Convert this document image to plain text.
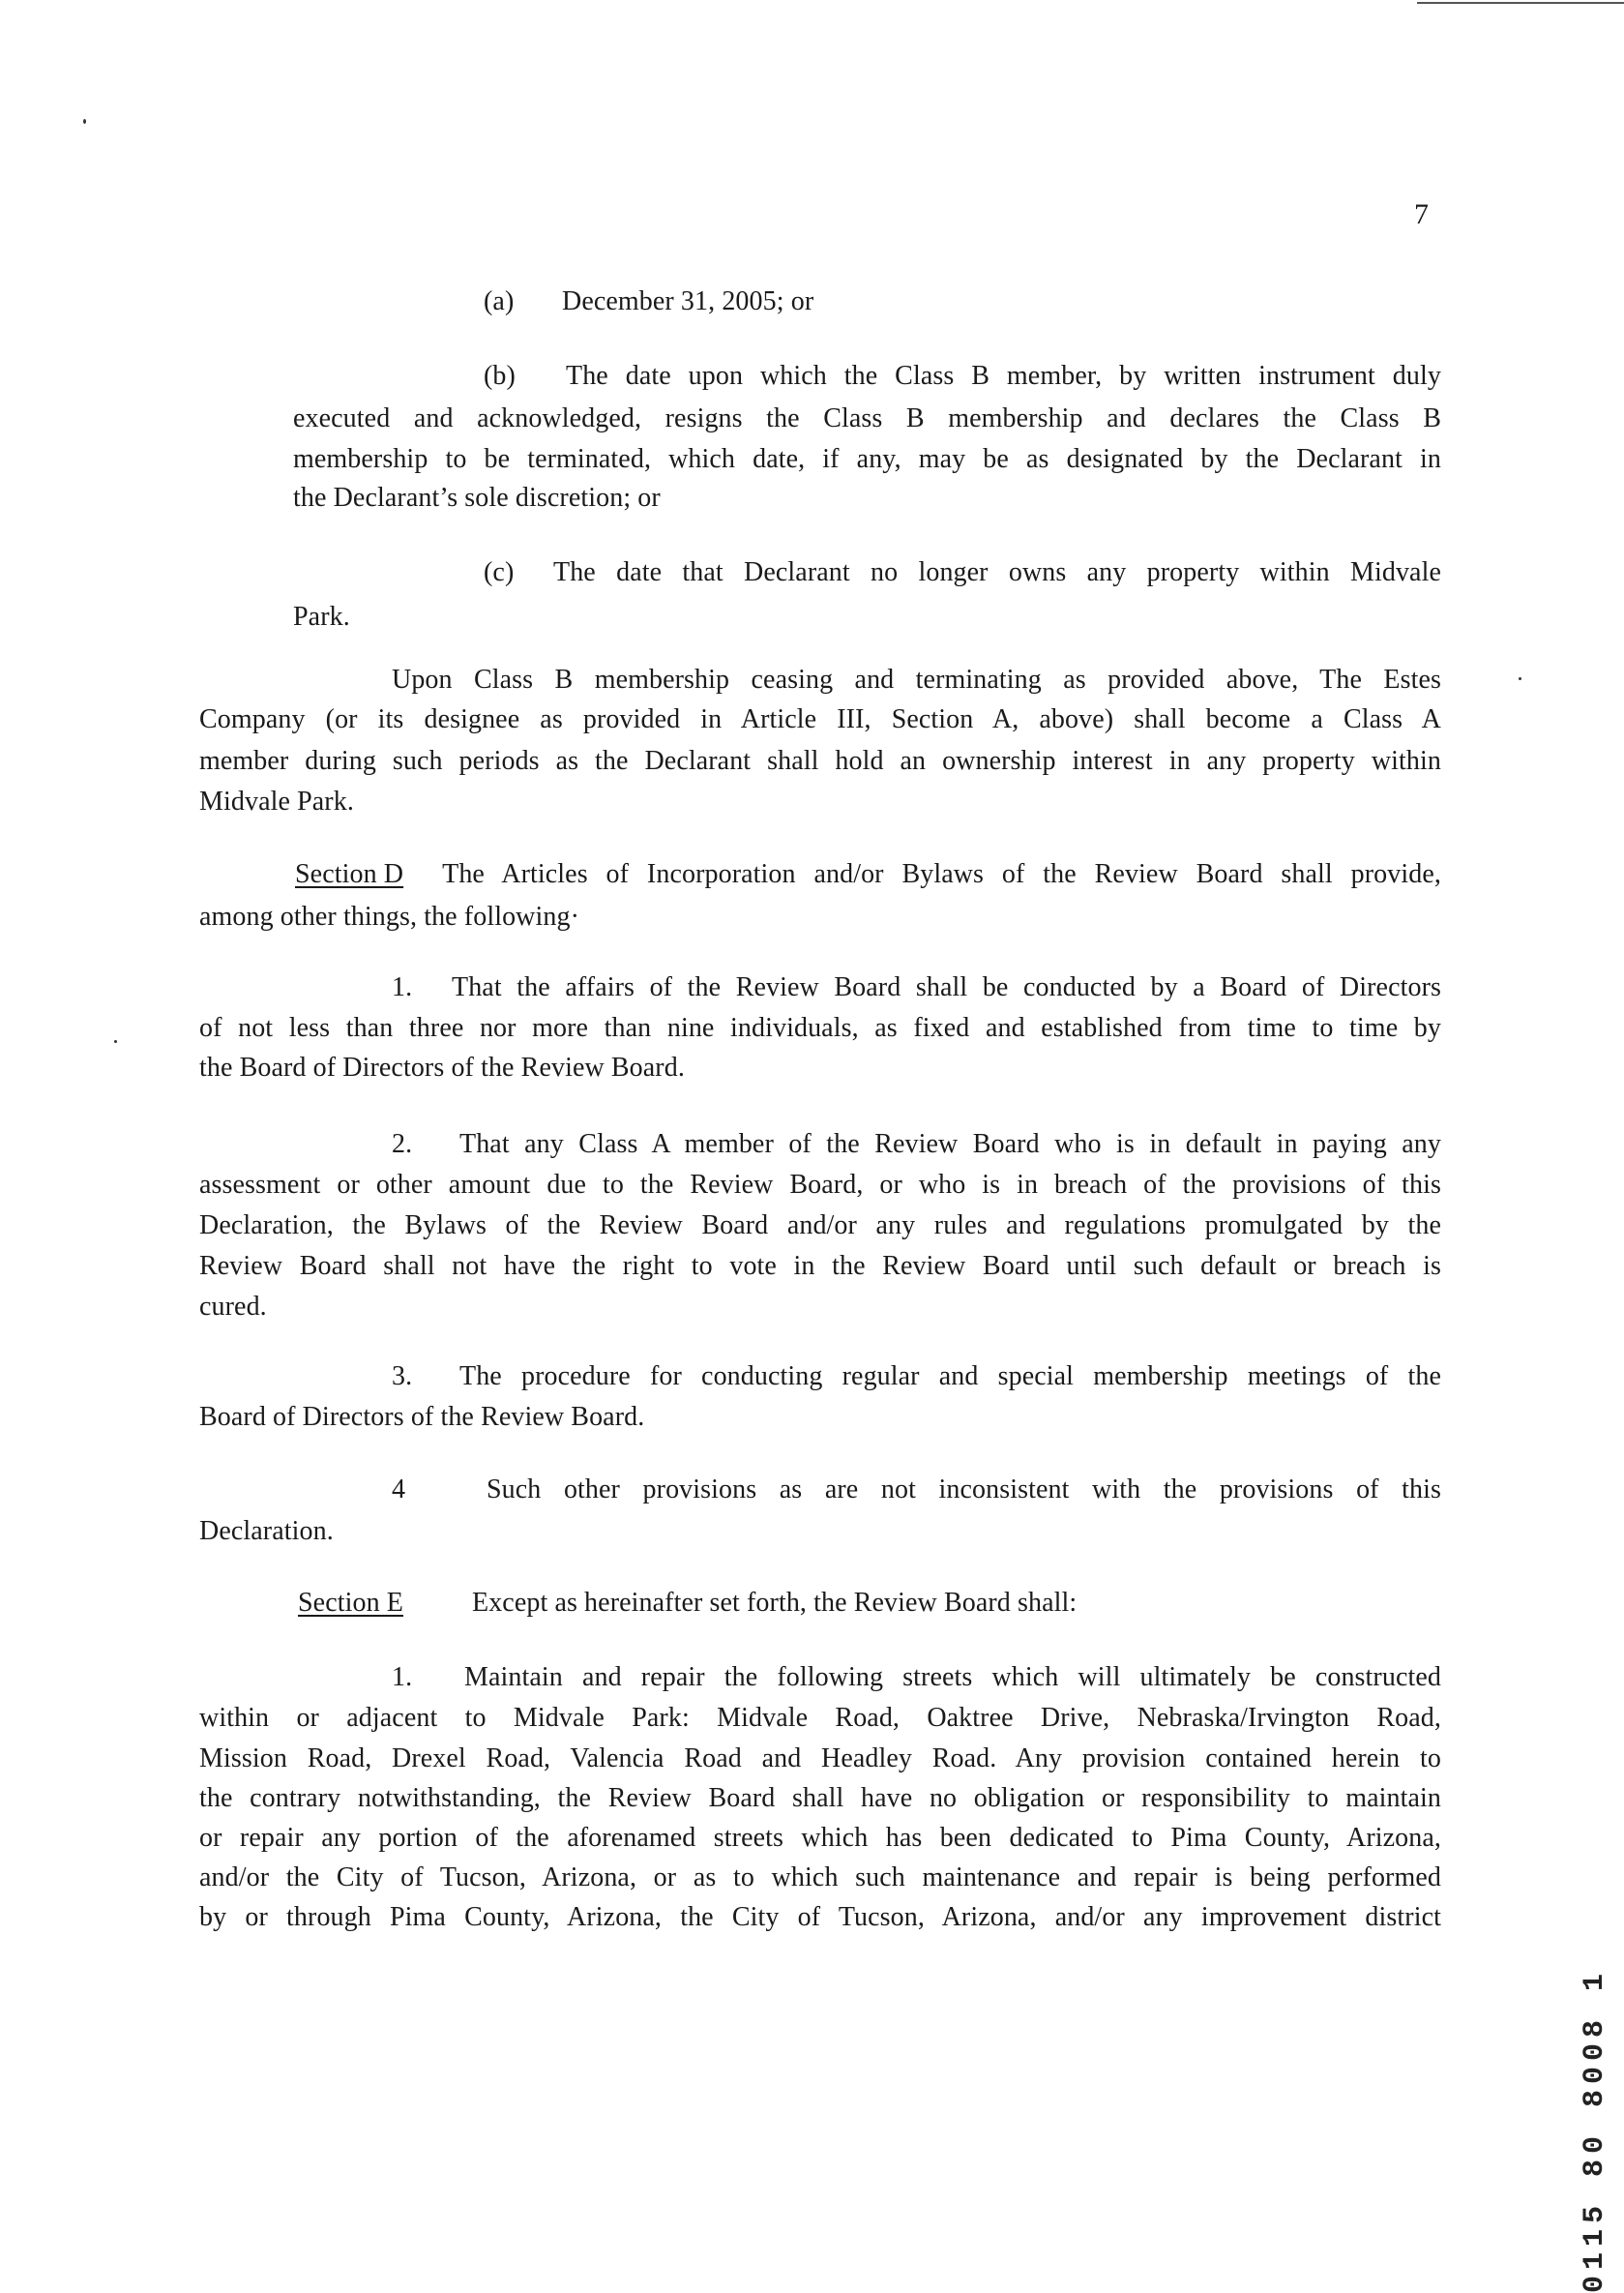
7
(a) December 31, 2005; or
(b) The date upon which the Class B member, by written instrument duly
executed and acknowledged, resigns the Class B membership and declares the Class B
membership to be terminated, which date, if any, may be as designated by the Declarant in
the Declarant’s sole discretion; or
(c) The date that Declarant no longer owns any property within Midvale
Park.
Upon Class B membership ceasing and terminating as provided above, The Estes
Company (or its designee as provided in Article III, Section A, above) shall become a Class A
member during such periods as the Declarant shall hold an ownership interest in any property within
Midvale Park.
Section D The Articles of Incorporation and/or Bylaws of the Review Board shall provide,
among other things, the following·
1. That the affairs of the Review Board shall be conducted by a Board of Directors
of not less than three nor more than nine individuals, as fixed and established from time to time by
the Board of Directors of the Review Board.
2. That any Class A member of the Review Board who is in default in paying any
assessment or other amount due to the Review Board, or who is in breach of the provisions of this
Declaration, the Bylaws of the Review Board and/or any rules and regulations promulgated by the
Review Board shall not have the right to vote in the Review Board until such default or breach is
cured.
3. The procedure for conducting regular and special membership meetings of the
Board of Directors of the Review Board.
4	Such other provisions as are not inconsistent with the provisions of this
Declaration.
Section E	Except as hereinafter set forth, the Review Board shall:
1. Maintain and repair the following streets which will ultimately be constructed
within or adjacent to Midvale Park: Midvale Road, Oaktree Drive, Nebraska/Irvington Road,
Mission Road, Drexel Road, Valencia Road and Headley Road. Any provision contained herein to
the contrary notwithstanding, the Review Board shall have no obligation or responsibility to maintain
or repair any portion of the aforenamed streets which has been dedicated to Pima County, Arizona,
and/or the City of Tucson, Arizona, or as to which such maintenance and repair is being performed
by or through Pima County, Arizona, the City of Tucson, Arizona, and/or any improvement district
0115 80 8008 1
